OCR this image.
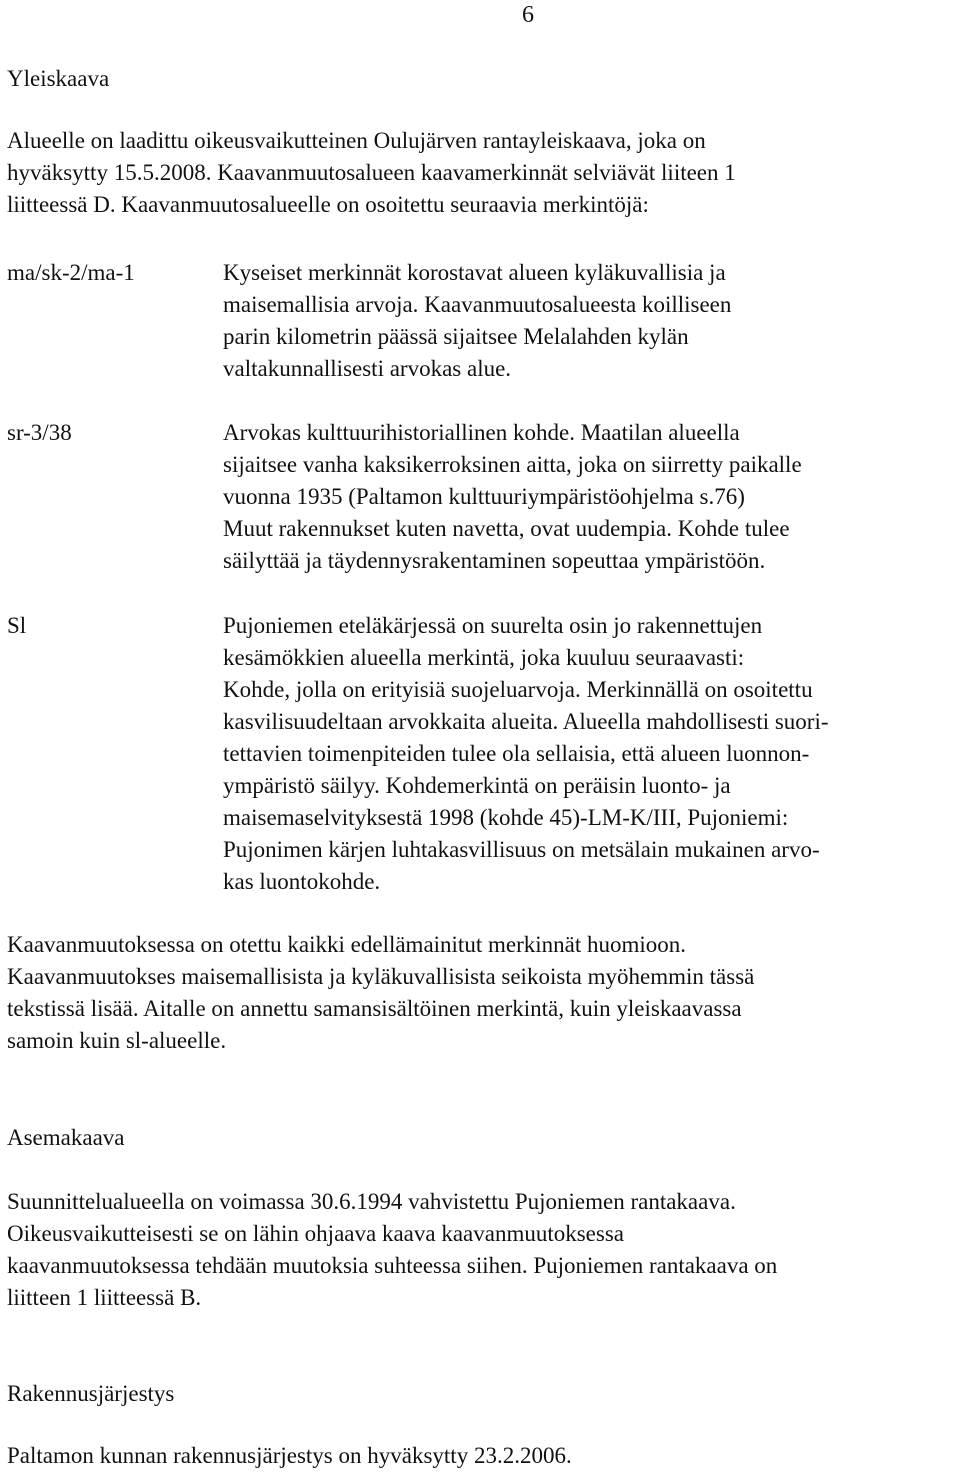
6
Yleiskaava

Alueelle on laadittu oikeusvaikutteinen Oulujärven rantayleiskaava, joka on
hyväksytty 15.5.2008. Kaavanmuutosalueen kaavamerkinnät selviävät liiteen 1
liitteessä D. Kaavanmuutosalueelle on osoitettu seuraavia merkintöjä:

ma/sk-2/ma-1	Kyseiset merkinnät korostavat alueen kyläkuvallisia ja
maisemallisia arvoja. Kaavanmuutosalueesta koilliseen
parin kilometrin päässä sijaitsee Melalahden kylän
valtakunnallisesti arvokas alue.

sr-3/38	Arvokas kulttuurihistoriallinen kohde. Maatilan alueella
sijaitsee vanha kaksikerroksinen aitta, joka on siirretty paikalle
vuonna 1935 (Paltamon kulttuuriympäristöohjelma s.76)
Muut rakennukset kuten navetta, ovat uudempia. Kohde tulee
säilyttää ja täydennysrakentaminen sopeuttaa ympäristöön.

Sl	Pujoniemen eteläkärjessä on suurelta osin jo rakennettujen
kesämökkien alueella merkintä, joka kuuluu seuraavasti:
Kohde, jolla on erityisiä suojeluarvoja. Merkinnällä on osoitettu
kasvilisuudeltaan arvokkaita alueita. Alueella mahdollisesti suori-
tettavien toimenpiteiden tulee ola sellaisia, että alueen luonnon-
ympäristö säilyy. Kohdemerkintä on peräisin luonto- ja
maisemaselvityksestä 1998 (kohde 45)-LM-K/III, Pujoniemi:
Pujonimen kärjen luhtakasvillisuus on metsälain mukainen arvo-
kas luontokohde.

Kaavanmuutoksessa on otettu kaikki edellämainitut merkinnät huomioon.
Kaavanmuutokses maisemallisista ja kyläkuvallisista seikoista myöhemmin tässä
tekstissä lisää. Aitalle on annettu samansisältöinen merkintä, kuin yleiskaavassa
samoin kuin sl-alueelle.

Asemakaava

Suunnittelualueella on voimassa 30.6.1994 vahvistettu Pujoniemen rantakaava.
Oikeusvaikutteisesti se on lähin ohjaava kaava kaavanmuutoksessa
kaavanmuutoksessa tehdään muutoksia suhteessa siihen. Pujoniemen rantakaava on
liitteen 1 liitteessä B.

Rakennusjärjestys

Paltamon kunnan rakennusjärjestys on hyväksytty 23.2.2006.
